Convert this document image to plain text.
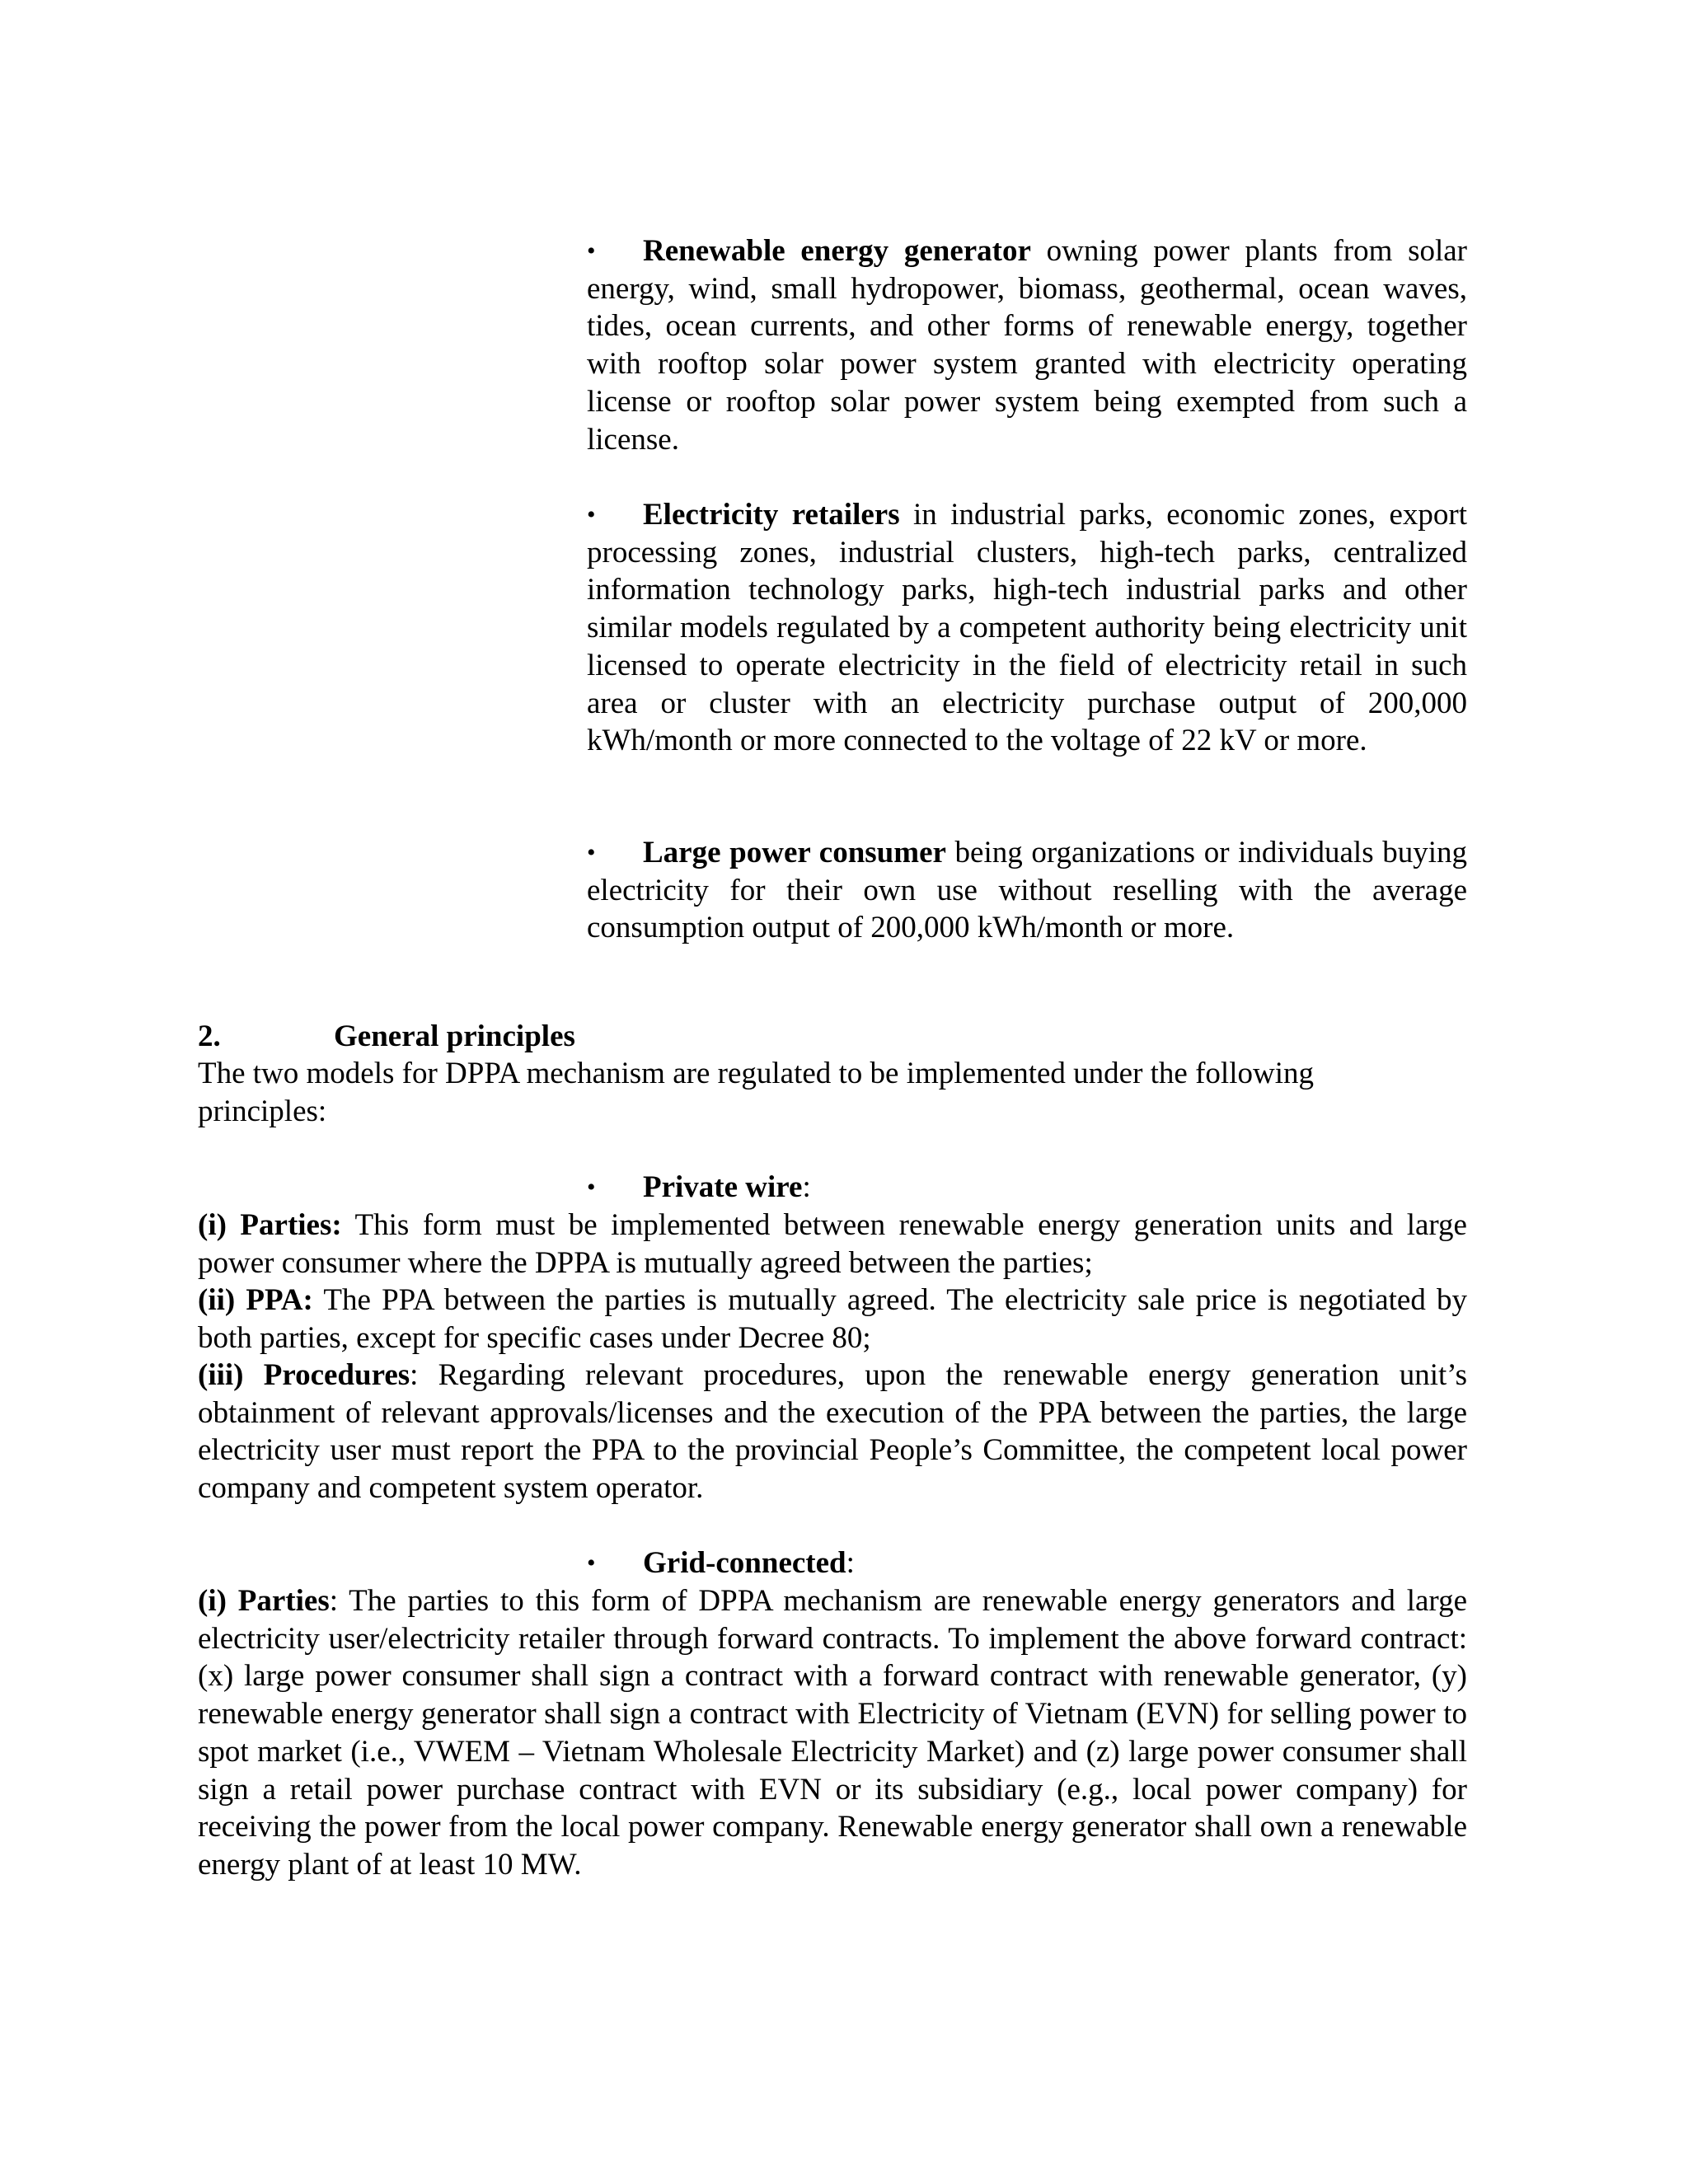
•	Renewable energy generator owning power plants from solar energy, wind, small hydropower, biomass, geothermal, ocean waves, tides, ocean currents, and other forms of renewable energy, together with rooftop solar power system granted with electricity operating license or rooftop solar power system being exempted from such a license.

•	Electricity retailers in industrial parks, economic zones, export processing zones, industrial clusters, high-tech parks, centralized information technology parks, high-tech industrial parks and other similar models regulated by a competent authority being electricity unit licensed to operate electricity in the field of electricity retail in such area or cluster with an electricity purchase output of 200,000 kWh/month or more connected to the voltage of 22 kV or more.

•	Large power consumer being organizations or individuals buying electricity for their own use without reselling with the average consumption output of 200,000 kWh/month or more.

2.	General principles

The two models for DPPA mechanism are regulated to be implemented under the following principles:

• Private wire:

(i) Parties: This form must be implemented between renewable energy generation units and large power consumer where the DPPA is mutually agreed between the parties;

(ii) PPA: The PPA between the parties is mutually agreed. The electricity sale price is negotiated by both parties, except for specific cases under Decree 80;

(iii) Procedures: Regarding relevant procedures, upon the renewable energy generation unit’s obtainment of relevant approvals/licenses and the execution of the PPA between the parties, the large electricity user must report the PPA to the provincial People’s Committee, the competent local power company and competent system operator.

• Grid-connected:

(i) Parties: The parties to this form of DPPA mechanism are renewable energy generators and large electricity user/electricity retailer through forward contracts. To implement the above forward contract: (x) large power consumer shall sign a contract with a forward contract with renewable generator, (y) renewable energy generator shall sign a contract with Electricity of Vietnam (EVN) for selling power to spot market (i.e., VWEM – Vietnam Wholesale Electricity Market) and (z) large power consumer shall sign a retail power purchase contract with EVN or its subsidiary (e.g., local power company) for receiving the power from the local power company. Renewable energy generator shall own a renewable energy plant of at least 10 MW.
